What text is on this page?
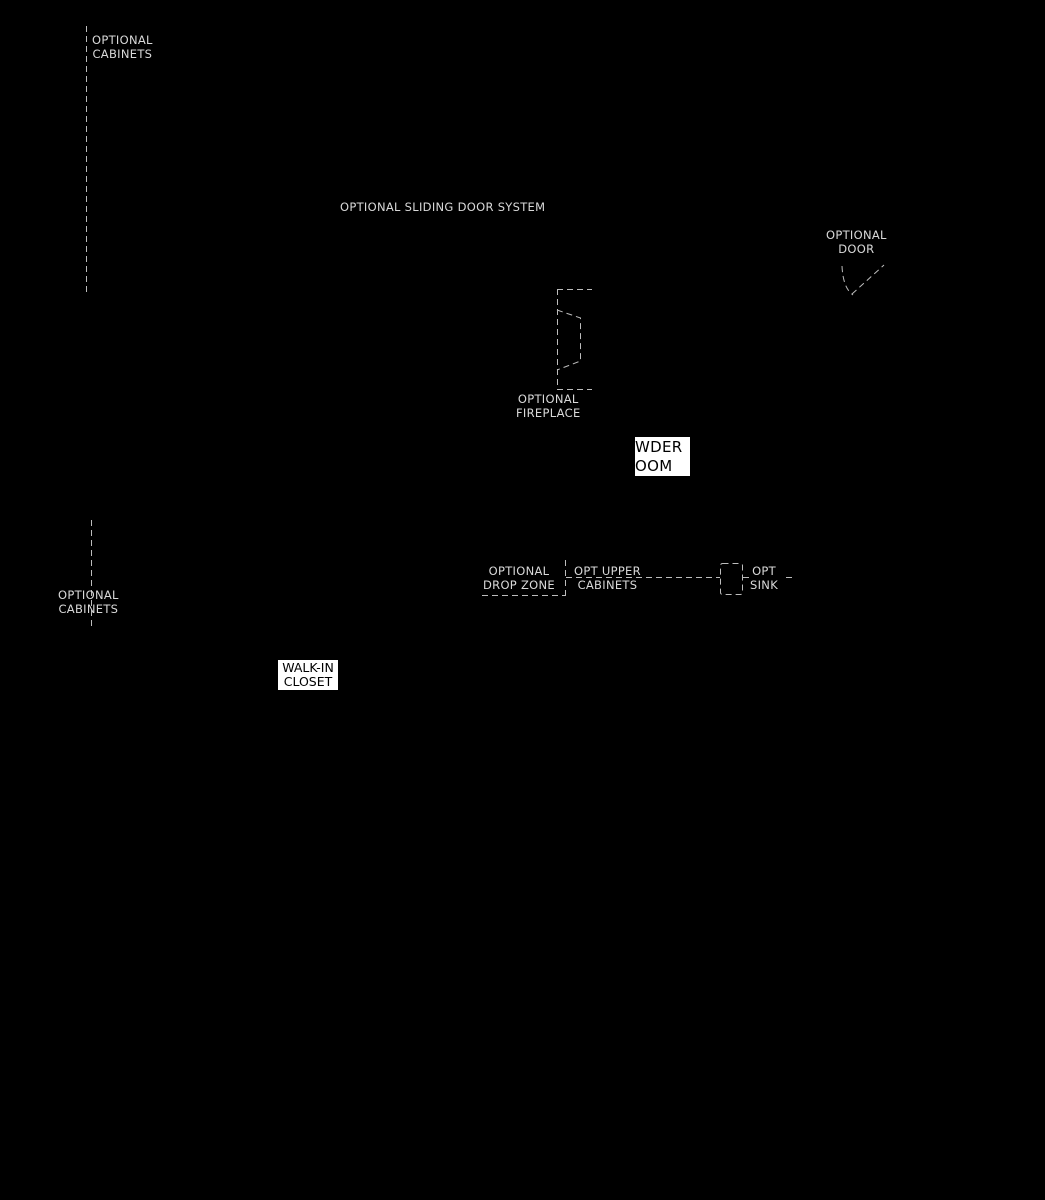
OPTIONAL
CABINETS
OPTIONAL SLIDING DOOR SYSTEM
OPTIONAL
DOOR
OPTIONAL
FIREPLACE
WDER
OOM
OPTIONAL
DROP ZONE
OPT UPPER
CABINETS
OPT
SINK
OPTIONAL
CABINETS
WALK-IN
CLOSET
